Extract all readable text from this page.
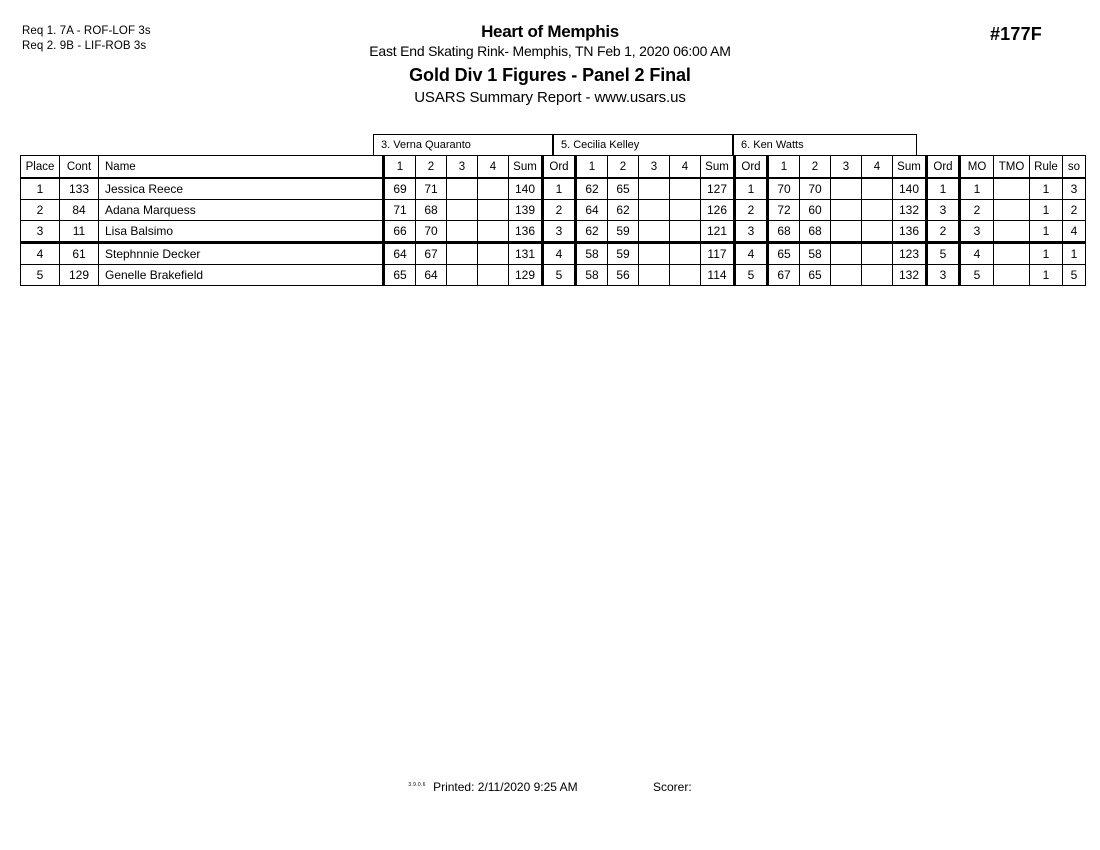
Req 1. 7A - ROF-LOF 3s
Req 2. 9B - LIF-ROB 3s
#177F
Heart of Memphis
East End Skating Rink- Memphis, TN Feb 1, 2020 06:00 AM
Gold Div 1 Figures - Panel 2 Final
USARS Summary Report - www.usars.us
3. Verna Quaranto	5. Cecilia Kelley	6. Ken Watts
Place	Cont	Name	1	2	3	4	Sum	Ord	1	2	3	4	Sum	Ord	1	2	3	4	Sum	Ord	MO	TMO	Rule	so
1	133	Jessica Reece	69	71			140	1	62	65			127	1	70	70			140	1	1		1	3
2	84	Adana Marquess	71	68			139	2	64	62			126	2	72	60			132	3	2		1	2
3	11	Lisa Balsimo	66	70			136	3	62	59			121	3	68	68			136	2	3		1	4
4	61	Stephnnie Decker	64	67			131	4	58	59			117	4	65	58			123	5	4		1	1
5	129	Genelle Brakefield	65	64			129	5	58	56			114	5	67	65			132	3	5		1	5
$^{3.9.0.6}$ Printed: 2/11/2020 9:25 AM	Scorer:
